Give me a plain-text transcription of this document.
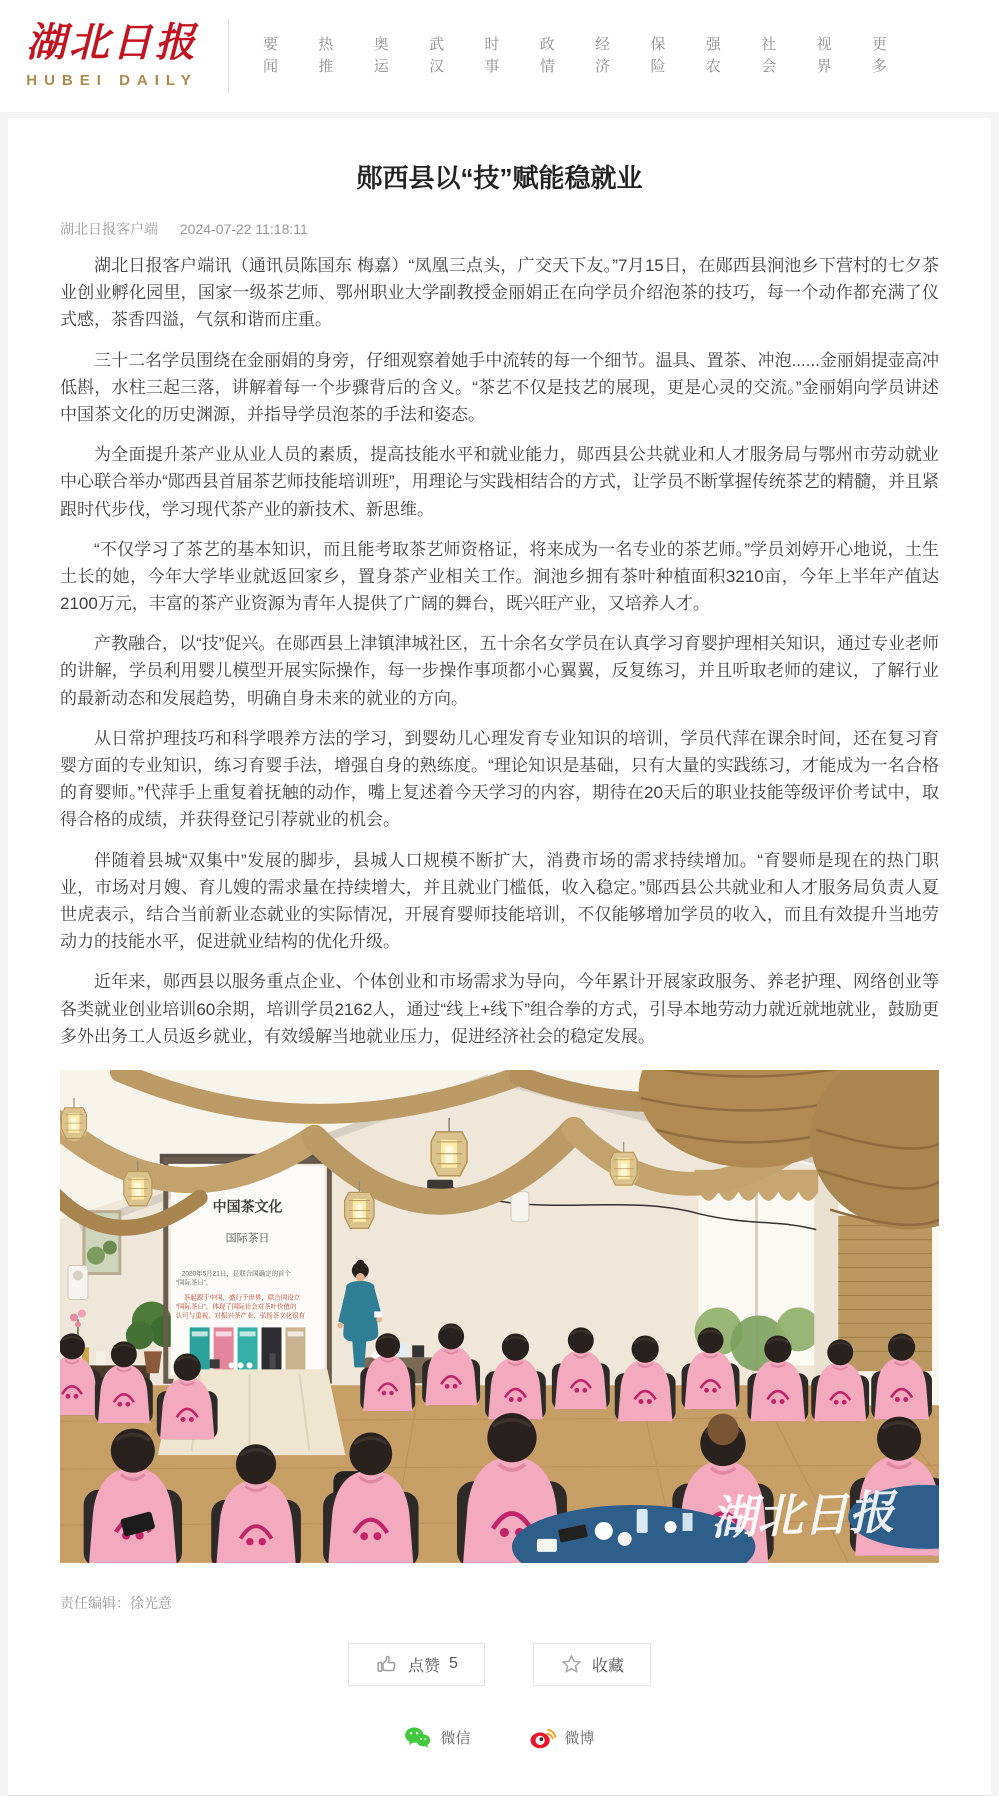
湖北日报
HUBEI DAILY
要
闻
热
推
奥
运
武
汉
时
事
政
情
经
济
保
险
强
农
社
会
视
界
更
多
郧西县以“技”赋能稳就业
湖北日报客户端 2024-07-22 11:18:11

湖北日报客户端讯（通讯员陈国东 梅嘉）“凤凰三点头，广交天下友。”7月15日，在郧西县涧池乡下营村的七夕茶业创业孵化园里，国家一级茶艺师、鄂州职业大学副教授金丽娟正在向学员介绍泡茶的技巧，每一个动作都充满了仪式感，茶香四溢，气氛和谐而庄重。

三十二名学员围绕在金丽娟的身旁，仔细观察着她手中流转的每一个细节。温具、置茶、冲泡......金丽娟提壶高冲低斟，水柱三起三落，讲解着每一个步骤背后的含义。“茶艺不仅是技艺的展现，更是心灵的交流。”金丽娟向学员讲述中国茶文化的历史渊源，并指导学员泡茶的手法和姿态。

为全面提升茶产业从业人员的素质，提高技能水平和就业能力，郧西县公共就业和人才服务局与鄂州市劳动就业中心联合举办“郧西县首届茶艺师技能培训班”，用理论与实践相结合的方式，让学员不断掌握传统茶艺的精髓，并且紧跟时代步伐，学习现代茶产业的新技术、新思维。

“不仅学习了茶艺的基本知识，而且能考取茶艺师资格证，将来成为一名专业的茶艺师。”学员刘婷开心地说，土生土长的她，今年大学毕业就返回家乡，置身茶产业相关工作。涧池乡拥有茶叶种植面积3210亩，今年上半年产值达2100万元，丰富的茶产业资源为青年人提供了广阔的舞台，既兴旺产业，又培养人才。

产教融合，以“技”促兴。在郧西县上津镇津城社区，五十余名女学员在认真学习育婴护理相关知识，通过专业老师的讲解，学员利用婴儿模型开展实际操作，每一步操作事项都小心翼翼，反复练习，并且听取老师的建议，了解行业的最新动态和发展趋势，明确自身未来的就业的方向。

从日常护理技巧和科学喂养方法的学习，到婴幼儿心理发育专业知识的培训，学员代萍在课余时间，还在复习育婴方面的专业知识，练习育婴手法，增强自身的熟练度。“理论知识是基础，只有大量的实践练习，才能成为一名合格的育婴师。”代萍手上重复着抚触的动作，嘴上复述着今天学习的内容，期待在20天后的职业技能等级评价考试中，取得合格的成绩，并获得登记引荐就业的机会。

伴随着县城“双集中”发展的脚步，县城人口规模不断扩大，消费市场的需求持续增加。“育婴师是现在的热门职业，市场对月嫂、育儿嫂的需求量在持续增大，并且就业门槛低，收入稳定。”郧西县公共就业和人才服务局负责人夏世虎表示，结合当前新业态就业的实际情况，开展育婴师技能培训，不仅能够增加学员的收入，而且有效提升当地劳动力的技能水平，促进就业结构的优化升级。

近年来，郧西县以服务重点企业、个体创业和市场需求为导向，今年累计开展家政服务、养老护理、网络创业等各类就业创业培训60余期，培训学员2162人，通过“线上+线下”组合拳的方式，引导本地劳动力就近就地就业，鼓励更多外出务工人员返乡就业，有效缓解当地就业压力，促进经济社会的稳定发展。

中国茶文化
国际茶日
2020年5月21日，是联合国确定的首个
“国际茶日”。
茶起源于中国，盛行于世界，联合国设立
“国际茶日”，体现了国际社会对茶叶价值的
认可与重视，对振兴茶产业、弘扬茶文化很有
湖北日报
责任编辑：徐光意
点赞 5	收藏
微信	微博
